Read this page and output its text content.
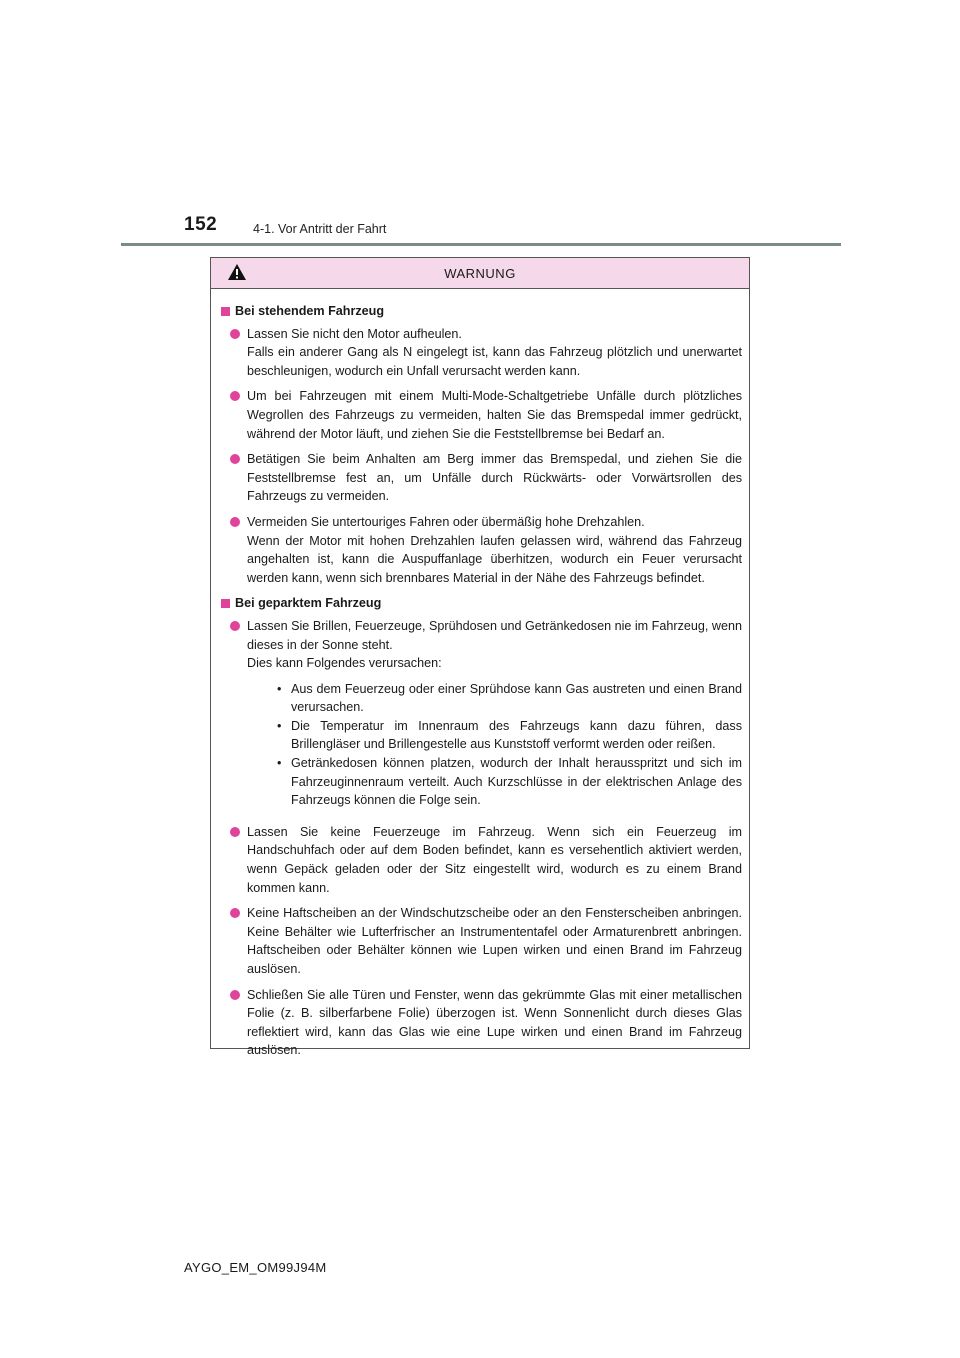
152	4-1. Vor Antritt der Fahrt
WARNUNG
Bei stehendem Fahrzeug

Lassen Sie nicht den Motor aufheulen.

Falls ein anderer Gang als N eingelegt ist, kann das Fahrzeug plötzlich und unerwartet beschleunigen, wodurch ein Unfall verursacht werden kann.

Um bei Fahrzeugen mit einem Multi-Mode-Schaltgetriebe Unfälle durch plötzliches Wegrollen des Fahrzeugs zu vermeiden, halten Sie das Bremspedal immer gedrückt, während der Motor läuft, und ziehen Sie die Feststellbremse bei Bedarf an.

Betätigen Sie beim Anhalten am Berg immer das Bremspedal, und ziehen Sie die Feststellbremse fest an, um Unfälle durch Rückwärts- oder Vorwärtsrollen des Fahrzeugs zu vermeiden.

Vermeiden Sie untertouriges Fahren oder übermäßig hohe Drehzahlen.

Wenn der Motor mit hohen Drehzahlen laufen gelassen wird, während das Fahrzeug angehalten ist, kann die Auspuffanlage überhitzen, wodurch ein Feuer verursacht werden kann, wenn sich brennbares Material in der Nähe des Fahrzeugs befindet.

Bei geparktem Fahrzeug

Lassen Sie Brillen, Feuerzeuge, Sprühdosen und Getränkedosen nie im Fahrzeug, wenn dieses in der Sonne steht.

Dies kann Folgendes verursachen:

• Aus dem Feuerzeug oder einer Sprühdose kann Gas austreten und einen Brand verursachen.
• Die Temperatur im Innenraum des Fahrzeugs kann dazu führen, dass Brillengläser und Brillengestelle aus Kunststoff verformt werden oder reißen.
• Getränkedosen können platzen, wodurch der Inhalt herausspritzt und sich im Fahrzeuginnenraum verteilt. Auch Kurzschlüsse in der elektrischen Anlage des Fahrzeugs können die Folge sein.

Lassen Sie keine Feuerzeuge im Fahrzeug. Wenn sich ein Feuerzeug im Handschuhfach oder auf dem Boden befindet, kann es versehentlich aktiviert werden, wenn Gepäck geladen oder der Sitz eingestellt wird, wodurch es zu einem Brand kommen kann.

Keine Haftscheiben an der Windschutzscheibe oder an den Fensterscheiben anbringen. Keine Behälter wie Lufterfrischer an Instrumententafel oder Armaturenbrett anbringen. Haftscheiben oder Behälter können wie Lupen wirken und einen Brand im Fahrzeug auslösen.

Schließen Sie alle Türen und Fenster, wenn das gekrümmte Glas mit einer metallischen Folie (z. B. silberfarbene Folie) überzogen ist. Wenn Sonnenlicht durch dieses Glas reflektiert wird, kann das Glas wie eine Lupe wirken und einen Brand im Fahrzeug auslösen.

AYGO_EM_OM99J94M
